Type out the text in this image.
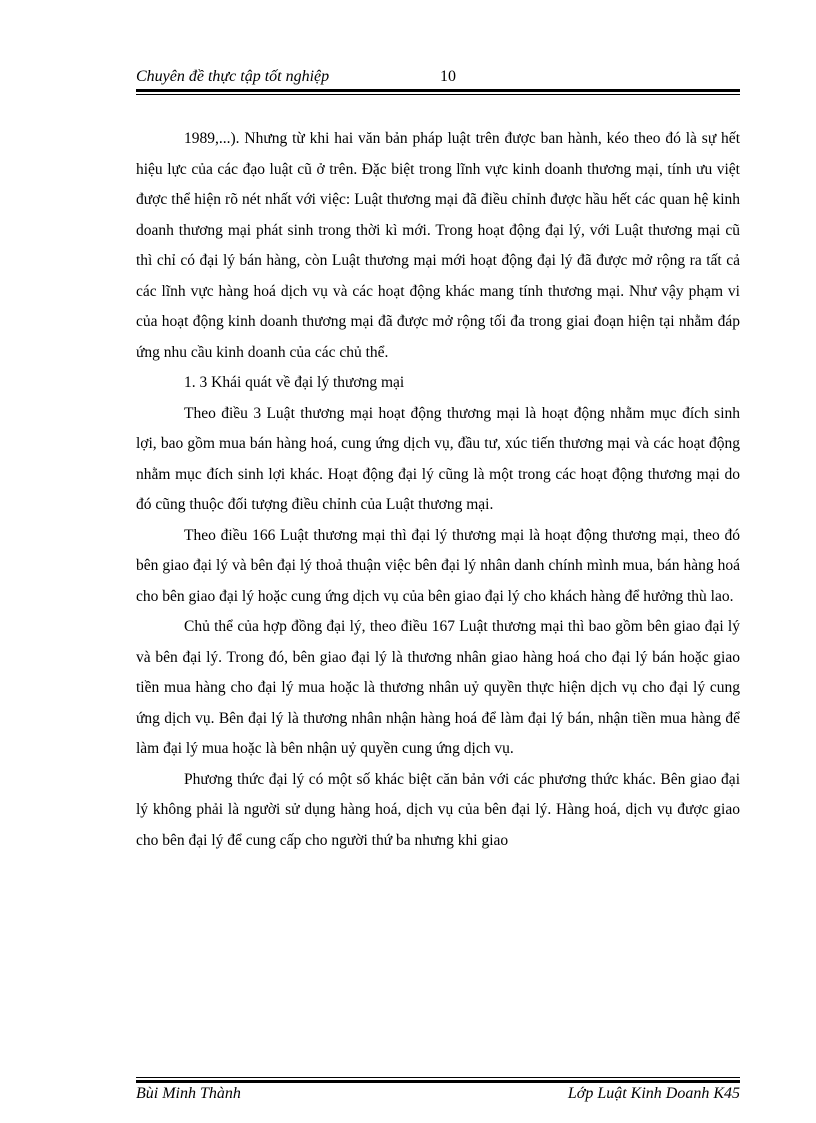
Chuyên đề thực tập tốt nghiệp	10

1989,...). Nhưng từ khi hai văn bản pháp luật trên được ban hành, kéo theo đó là sự hết hiệu lực của các đạo luật cũ ở trên. Đặc biệt trong lĩnh vực kinh doanh thương mại, tính ưu việt được thể hiện rõ nét nhất với việc: Luật thương mại đã điều chỉnh được hầu hết các quan hệ kinh doanh thương mại phát sinh trong thời kì mới. Trong hoạt động đại lý, với Luật thương mại cũ thì chỉ có đại lý bán hàng, còn Luật thương mại mới hoạt động đại lý đã được mở rộng ra tất cả các lĩnh vực hàng hoá dịch vụ và các hoạt động khác mang tính thương mại. Như vậy phạm vi của hoạt động kinh doanh thương mại đã được mở rộng tối đa trong giai đoạn hiện tại nhằm đáp ứng nhu cầu kinh doanh của các chủ thể.

1. 3 Khái quát về đại lý thương mại

Theo điều 3 Luật thương mại hoạt động thương mại là hoạt động nhằm mục đích sinh lợi, bao gồm mua bán hàng hoá, cung ứng dịch vụ, đầu tư, xúc tiến thương mại và các hoạt động nhằm mục đích sinh lợi khác. Hoạt động đại lý cũng là một trong các hoạt động thương mại do đó cũng thuộc đối tượng điều chỉnh của Luật thương mại.

Theo điều 166 Luật thương mại thì đại lý thương mại là hoạt động thương mại, theo đó bên giao đại lý và bên đại lý thoả thuận việc bên đại lý nhân danh chính mình mua, bán hàng hoá cho bên giao đại lý hoặc cung ứng dịch vụ của bên giao đại lý cho khách hàng để hưởng thù lao.

Chủ thể của hợp đồng đại lý, theo điều 167 Luật thương mại thì bao gồm bên giao đại lý và bên đại lý. Trong đó, bên giao đại lý là thương nhân giao hàng hoá cho đại lý bán hoặc giao tiền mua hàng cho đại lý mua hoặc là thương nhân uỷ quyền thực hiện dịch vụ cho đại lý cung ứng dịch vụ. Bên đại lý là thương nhân nhận hàng hoá để làm đại lý bán, nhận tiền mua hàng để làm đại lý mua hoặc là bên nhận uỷ quyền cung ứng dịch vụ.

Phương thức đại lý có một số khác biệt căn bản với các phương thức khác. Bên giao đại lý không phải là người sử dụng hàng hoá, dịch vụ của bên đại lý. Hàng hoá, dịch vụ được giao cho bên đại lý để cung cấp cho người thứ ba nhưng khi giao

Bùi Minh Thành	Lớp Luật Kinh Doanh K45
